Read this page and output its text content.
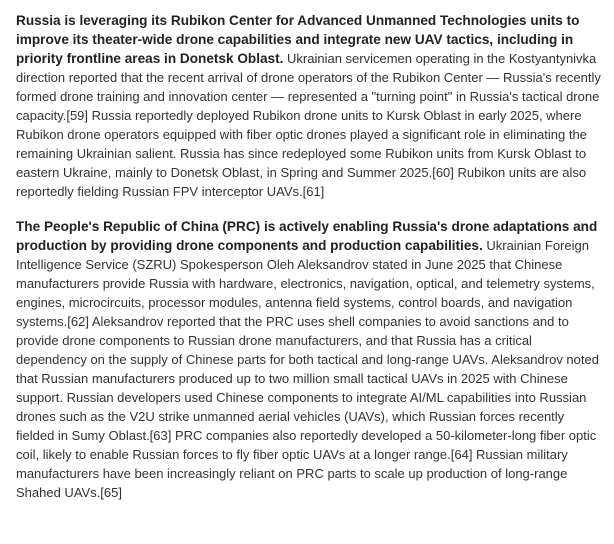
Russia is leveraging its Rubikon Center for Advanced Unmanned Technologies units to improve its theater-wide drone capabilities and integrate new UAV tactics, including in priority frontline areas in Donetsk Oblast. Ukrainian servicemen operating in the Kostyantynivka direction reported that the recent arrival of drone operators of the Rubikon Center — Russia's recently formed drone training and innovation center — represented a "turning point" in Russia's tactical drone capacity.[59] Russia reportedly deployed Rubikon drone units to Kursk Oblast in early 2025, where Rubikon drone operators equipped with fiber optic drones played a significant role in eliminating the remaining Ukrainian salient. Russia has since redeployed some Rubikon units from Kursk Oblast to eastern Ukraine, mainly to Donetsk Oblast, in Spring and Summer 2025.[60] Rubikon units are also reportedly fielding Russian FPV interceptor UAVs.[61]

The People's Republic of China (PRC) is actively enabling Russia's drone adaptations and production by providing drone components and production capabilities. Ukrainian Foreign Intelligence Service (SZRU) Spokesperson Oleh Aleksandrov stated in June 2025 that Chinese manufacturers provide Russia with hardware, electronics, navigation, optical, and telemetry systems, engines, microcircuits, processor modules, antenna field systems, control boards, and navigation systems.[62] Aleksandrov reported that the PRC uses shell companies to avoid sanctions and to provide drone components to Russian drone manufacturers, and that Russia has a critical dependency on the supply of Chinese parts for both tactical and long-range UAVs. Aleksandrov noted that Russian manufacturers produced up to two million small tactical UAVs in 2025 with Chinese support. Russian developers used Chinese components to integrate AI/ML capabilities into Russian drones such as the V2U strike unmanned aerial vehicles (UAVs), which Russian forces recently fielded in Sumy Oblast.[63] PRC companies also reportedly developed a 50-kilometer-long fiber optic coil, likely to enable Russian forces to fly fiber optic UAVs at a longer range.[64] Russian military manufacturers have been increasingly reliant on PRC parts to scale up production of long-range Shahed UAVs.[65]
